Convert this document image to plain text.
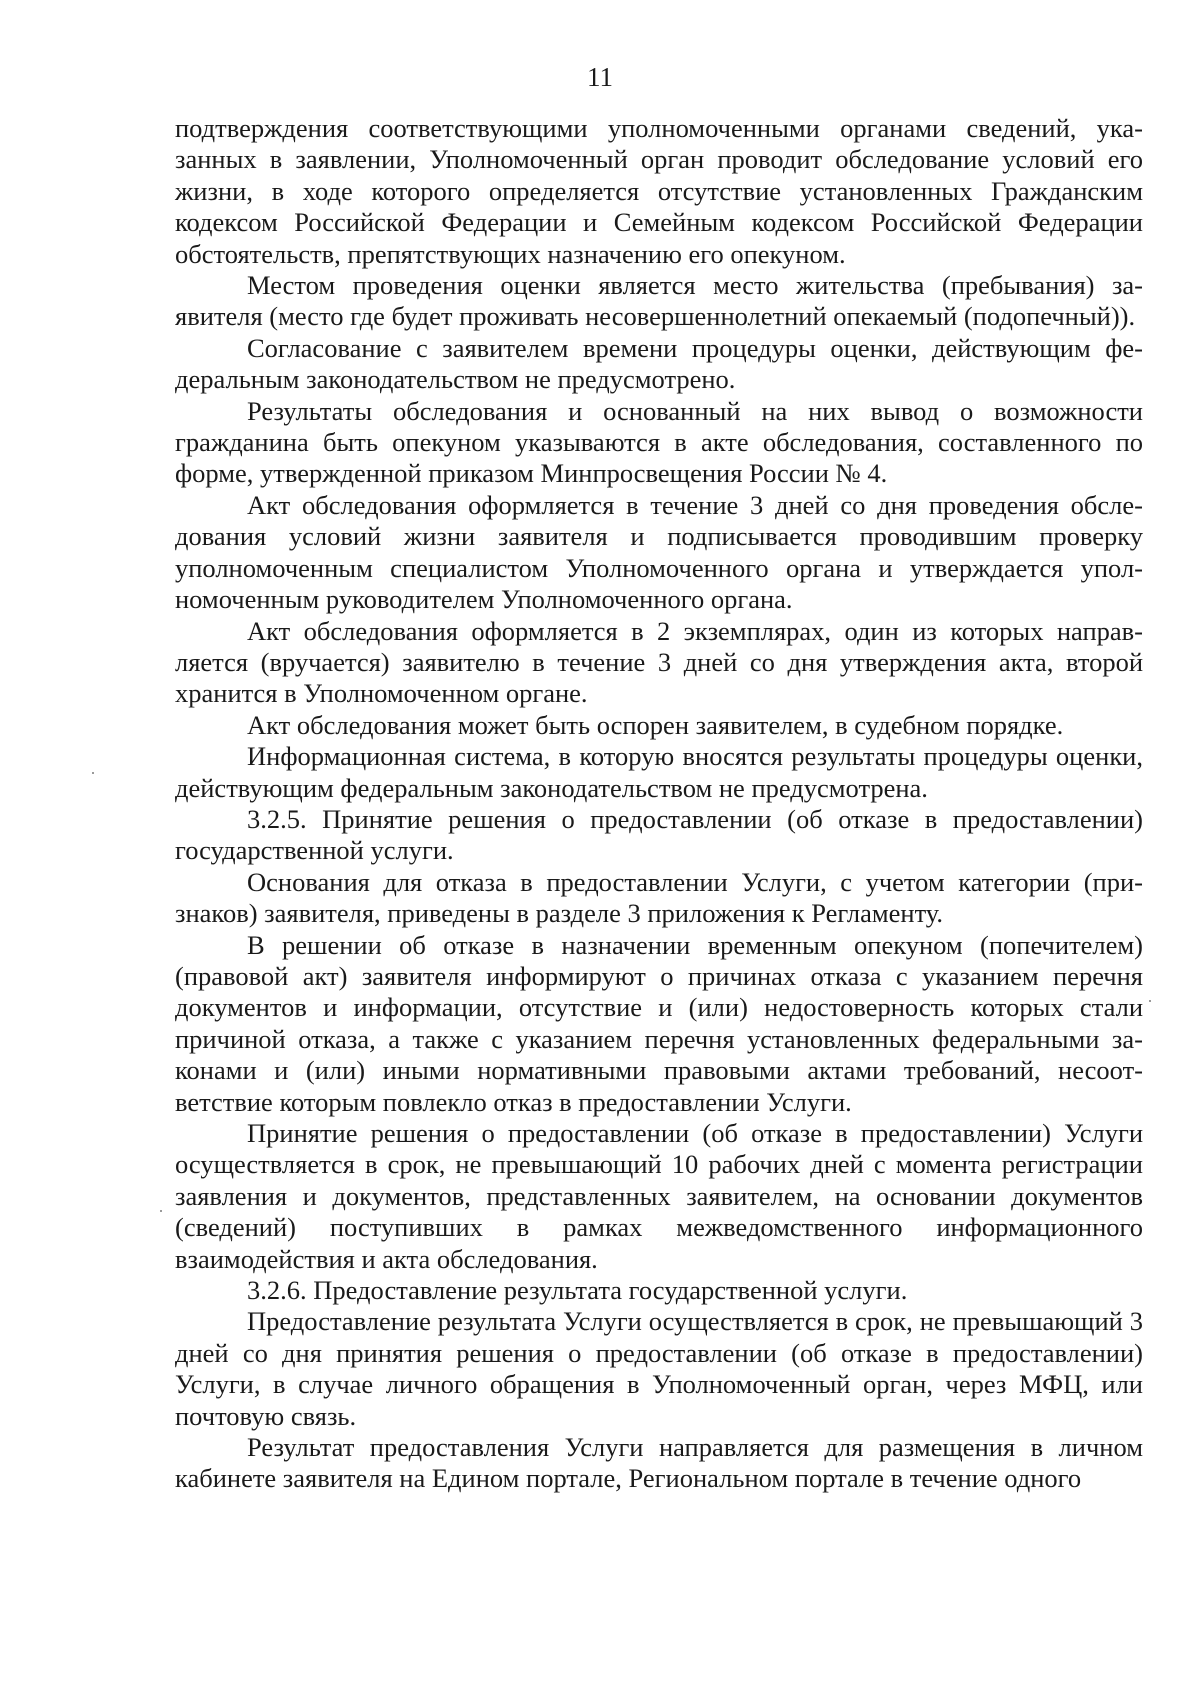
11

подтверждения соответствующими уполномоченными органами сведений, указанных в заявлении, Уполномоченный орган проводит обследование условий его жизни, в ходе которого определяется отсутствие установленных Гражданским кодексом Российской Федерации и Семейным кодексом Российской Федерации обстоятельств, препятствующих назначению его опекуном.

Местом проведения оценки является место жительства (пребывания) заявителя (место где будет проживать несовершеннолетний опекаемый (подопечный)).

Согласование с заявителем времени процедуры оценки, действующим федеральным законодательством не предусмотрено.

Результаты обследования и основанный на них вывод о возможности гражданина быть опекуном указываются в акте обследования, составленного по форме, утвержденной приказом Минпросвещения России № 4.

Акт обследования оформляется в течение 3 дней со дня проведения обследования условий жизни заявителя и подписывается проводившим проверку уполномоченным специалистом Уполномоченного органа и утверждается уполномоченным руководителем Уполномоченного органа.

Акт обследования оформляется в 2 экземплярах, один из которых направляется (вручается) заявителю в течение 3 дней со дня утверждения акта, второй хранится в Уполномоченном органе.

Акт обследования может быть оспорен заявителем, в судебном порядке.

Информационная система, в которую вносятся результаты процедуры оценки, действующим федеральным законодательством не предусмотрена.

3.2.5. Принятие решения о предоставлении (об отказе в предоставлении) государственной услуги.

Основания для отказа в предоставлении Услуги, с учетом категории (признаков) заявителя, приведены в разделе 3 приложения к Регламенту.

В решении об отказе в назначении временным опекуном (попечителем) (правовой акт) заявителя информируют о причинах отказа с указанием перечня документов и информации, отсутствие и (или) недостоверность которых стали причиной отказа, а также с указанием перечня установленных федеральными законами и (или) иными нормативными правовыми актами требований, несоответствие которым повлекло отказ в предоставлении Услуги.

Принятие решения о предоставлении (об отказе в предоставлении) Услуги осуществляется в срок, не превышающий 10 рабочих дней с момента регистрации заявления и документов, представленных заявителем, на основании документов (сведений) поступивших в рамках межведомственного информационного взаимодействия и акта обследования.

3.2.6. Предоставление результата государственной услуги.

Предоставление результата Услуги осуществляется в срок, не превышающий 3 дней со дня принятия решения о предоставлении (об отказе в предоставлении) Услуги, в случае личного обращения в Уполномоченный орган, через МФЦ, или почтовую связь.

Результат предоставления Услуги направляется для размещения в личном кабинете заявителя на Едином портале, Региональном портале в течение одного
